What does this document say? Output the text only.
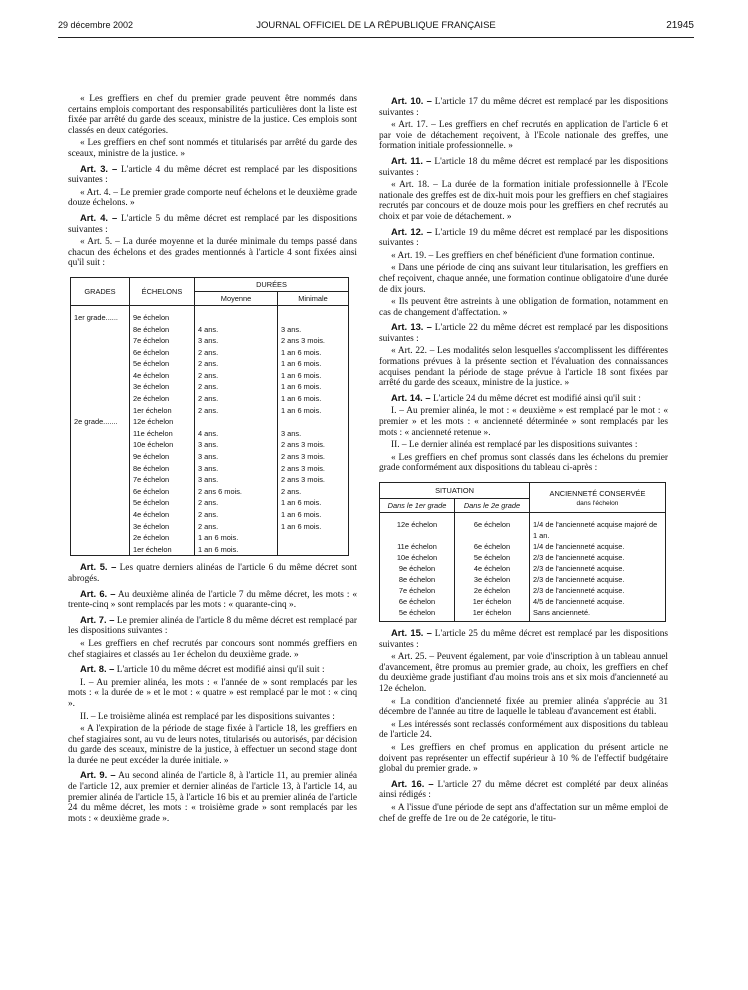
29 décembre 2002	JOURNAL OFFICIEL DE LA RÉPUBLIQUE FRANÇAISE	21945

« Les greffiers en chef du premier grade peuvent être nommés dans certains emplois comportant des responsabilités particulières dont la liste est fixée par arrêté du garde des sceaux, ministre de la justice. Ces emplois sont classés en deux catégories.

« Les greffiers en chef sont nommés et titularisés par arrêté du garde des sceaux, ministre de la justice. »

Art. 3. – L'article 4 du même décret est remplacé par les dispositions suivantes :

« Art. 4. – Le premier grade comporte neuf échelons et le deuxième grade douze échelons. »

Art. 4. – L'article 5 du même décret est remplacé par les dispositions suivantes :

« Art. 5. – La durée moyenne et la durée minimale du temps passé dans chacun des échelons et des grades mentionnés à l'article 4 sont fixées ainsi qu'il suit :

GRADES	ÉCHELONS	DURÉES	
		Moyenne	Minimale

1er grade......	9e échelon		
	8e échelon	4 ans.	3 ans.
	7e échelon	3 ans.	2 ans 3 mois.
	6e échelon	2 ans.	1 an 6 mois.
	5e échelon	2 ans.	1 an 6 mois.
	4e échelon	2 ans.	1 an 6 mois.
	3e échelon	2 ans.	1 an 6 mois.
	2e échelon	2 ans.	1 an 6 mois.
	1er échelon	2 ans.	1 an 6 mois.
2e grade.......	12e échelon		
	11e échelon	4 ans.	3 ans.
	10e échelon	3 ans.	2 ans 3 mois.
	9e échelon	3 ans.	2 ans 3 mois.
	8e échelon	3 ans.	2 ans 3 mois.
	7e échelon	3 ans.	2 ans 3 mois.
	6e échelon	2 ans 6 mois.	2 ans.
	5e échelon	2 ans.	1 an 6 mois.
	4e échelon	2 ans.	1 an 6 mois.
	3e échelon	2 ans.	1 an 6 mois.
	2e échelon	1 an 6 mois.	
	1er échelon	1 an 6 mois.	

Art. 5. – Les quatre derniers alinéas de l'article 6 du même décret sont abrogés.

Art. 6. – Au deuxième alinéa de l'article 7 du même décret, les mots : « trente-cinq » sont remplacés par les mots : « quarante-cinq ».

Art. 7. – Le premier alinéa de l'article 8 du même décret est remplacé par les dispositions suivantes :

« Les greffiers en chef recrutés par concours sont nommés greffiers en chef stagiaires et classés au 1er échelon du deuxième grade. »

Art. 8. – L'article 10 du même décret est modifié ainsi qu'il suit :

I. – Au premier alinéa, les mots : « l'année de » sont remplacés par les mots : « la durée de » et le mot : « quatre » est remplacé par le mot : « cinq ».

II. – Le troisième alinéa est remplacé par les dispositions suivantes :

« A l'expiration de la période de stage fixée à l'article 18, les greffiers en chef stagiaires sont, au vu de leurs notes, titularisés ou autorisés, par décision du garde des sceaux, ministre de la justice, à effectuer un second stage dont la durée ne peut excéder la durée initiale. »

Art. 9. – Au second alinéa de l'article 8, à l'article 11, au premier alinéa de l'article 12, aux premier et dernier alinéas de l'article 13, à l'article 14, au premier alinéa de l'article 15, à l'article 16 bis et au premier alinéa de l'article 24 du même décret, les mots : « troisième grade » sont remplacés par les mots : « deuxième grade ».

Art. 10. – L'article 17 du même décret est remplacé par les dispositions suivantes :

« Art. 17. – Les greffiers en chef recrutés en application de l'article 6 et par voie de détachement reçoivent, à l'Ecole nationale des greffes, une formation initiale professionnelle. »

Art. 11. – L'article 18 du même décret est remplacé par les dispositions suivantes :

« Art. 18. – La durée de la formation initiale professionnelle à l'Ecole nationale des greffes est de dix-huit mois pour les greffiers en chef stagiaires recrutés par concours et de douze mois pour les greffiers en chef recrutés au choix et par voie de détachement. »

Art. 12. – L'article 19 du même décret est remplacé par les dispositions suivantes :

« Art. 19. – Les greffiers en chef bénéficient d'une formation continue.

« Dans une période de cinq ans suivant leur titularisation, les greffiers en chef reçoivent, chaque année, une formation continue obligatoire d'une durée de dix jours.

« Ils peuvent être astreints à une obligation de formation, notamment en cas de changement d'affectation. »

Art. 13. – L'article 22 du même décret est remplacé par les dispositions suivantes :

« Art. 22. – Les modalités selon lesquelles s'accomplissent les différentes formations prévues à la présente section et l'évaluation des connaissances acquises pendant la période de stage prévue à l'article 18 sont fixées par arrêté du garde des sceaux, ministre de la justice. »

Art. 14. – L'article 24 du même décret est modifié ainsi qu'il suit :

I. – Au premier alinéa, le mot : « deuxième » est remplacé par le mot : « premier » et les mots : « ancienneté déterminée » sont remplacés par les mots : « ancienneté retenue ».

II. – Le dernier alinéa est remplacé par les dispositions suivantes :

« Les greffiers en chef promus sont classés dans les échelons du premier grade conformément aux dispositions du tableau ci-après :

SITUATION		ANCIENNETÉ CONSERVÉE
dans l'échelon
Dans le 1er grade	Dans le 2e grade	

12e échelon	6e échelon	1/4 de l'ancienneté acquise majoré de 1 an.
11e échelon	6e échelon	1/4 de l'ancienneté acquise.
10e échelon	5e échelon	2/3 de l'ancienneté acquise.
9e échelon	4e échelon	2/3 de l'ancienneté acquise.
8e échelon	3e échelon	2/3 de l'ancienneté acquise.
7e échelon	2e échelon	2/3 de l'ancienneté acquise.
6e échelon	1er échelon	4/5 de l'ancienneté acquise.
5e échelon	1er échelon	Sans ancienneté.

Art. 15. – L'article 25 du même décret est remplacé par les dispositions suivantes :

« Art. 25. – Peuvent également, par voie d'inscription à un tableau annuel d'avancement, être promus au premier grade, au choix, les greffiers en chef du deuxième grade justifiant d'au moins trois ans et six mois d'ancienneté au 12e échelon.

« La condition d'ancienneté fixée au premier alinéa s'apprécie au 31 décembre de l'année au titre de laquelle le tableau d'avancement est établi.

« Les intéressés sont reclassés conformément aux dispositions du tableau de l'article 24.

« Les greffiers en chef promus en application du présent article ne doivent pas représenter un effectif supérieur à 10 % de l'effectif budgétaire global du premier grade. »

Art. 16. – L'article 27 du même décret est complété par deux alinéas ainsi rédigés :

« A l'issue d'une période de sept ans d'affectation sur un même emploi de chef de greffe de 1re ou de 2e catégorie, le titu-
